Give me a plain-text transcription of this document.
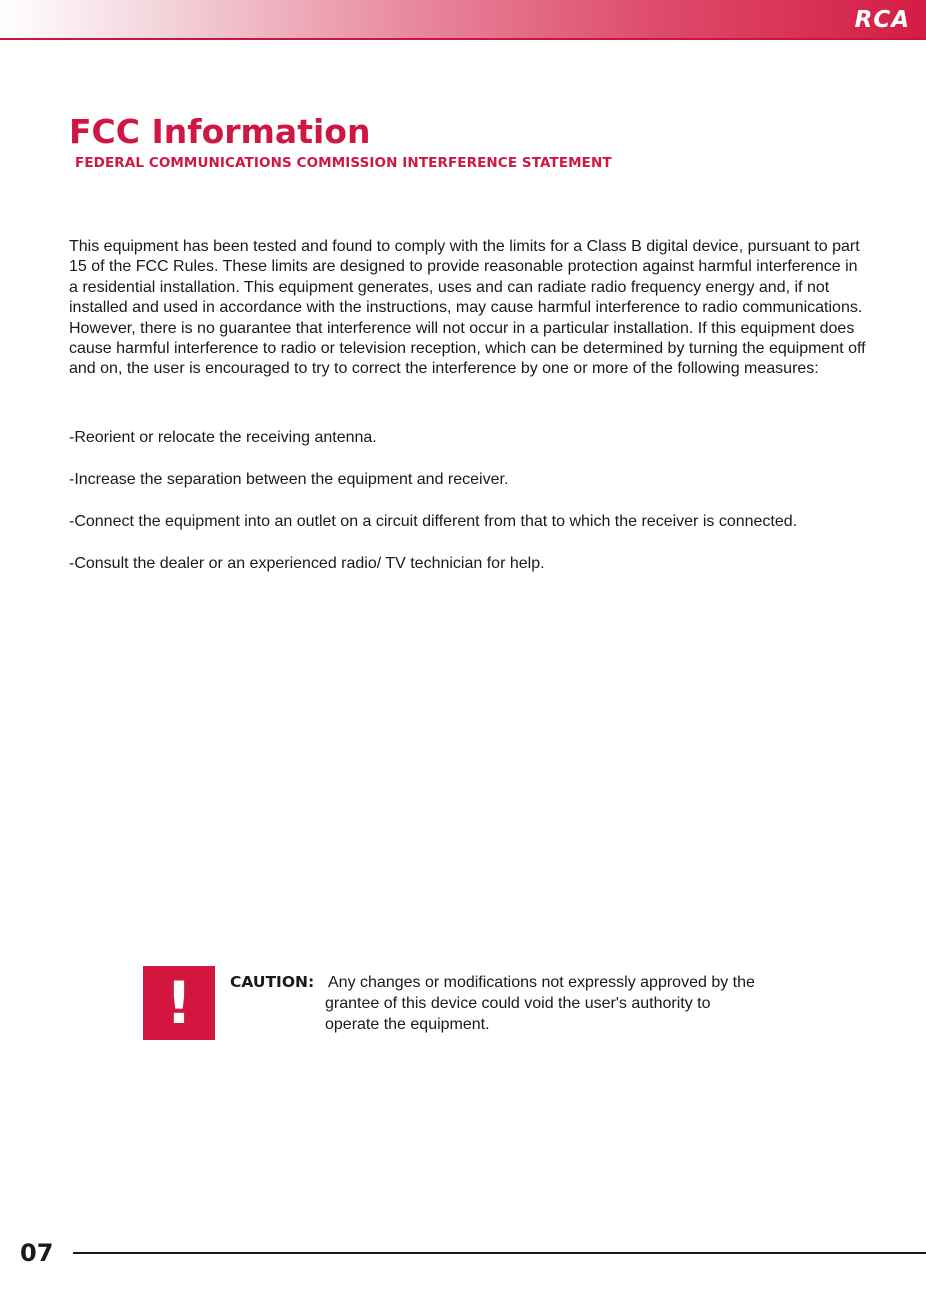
RCA
FCC Information
FEDERAL COMMUNICATIONS COMMISSION INTERFERENCE STATEMENT

This equipment has been tested and found to comply with the limits for a Class B digital device, pursuant to part 15 of the FCC Rules. These limits are designed to provide reasonable protection against harmful interference in a residential installation. This equipment generates, uses and can radiate radio frequency energy and, if not installed and used in accordance with the instructions, may cause harmful interference to radio communications. However, there is no guarantee that interference will not occur in a particular installation. If this equipment does cause harmful interference to radio or television reception, which can be determined by turning the equipment off and on, the user is encouraged to try to correct the interference by one or more of the following measures:

-Reorient or relocate the receiving antenna.

-Increase the separation between the equipment and receiver.

-Connect the equipment into an outlet on a circuit different from that to which the receiver is connected.

-Consult the dealer or an experienced radio/ TV technician for help.

! CAUTION: Any changes or modifications not expressly approved by the
grantee of this device could void the user's authority to
operate the equipment.
07
